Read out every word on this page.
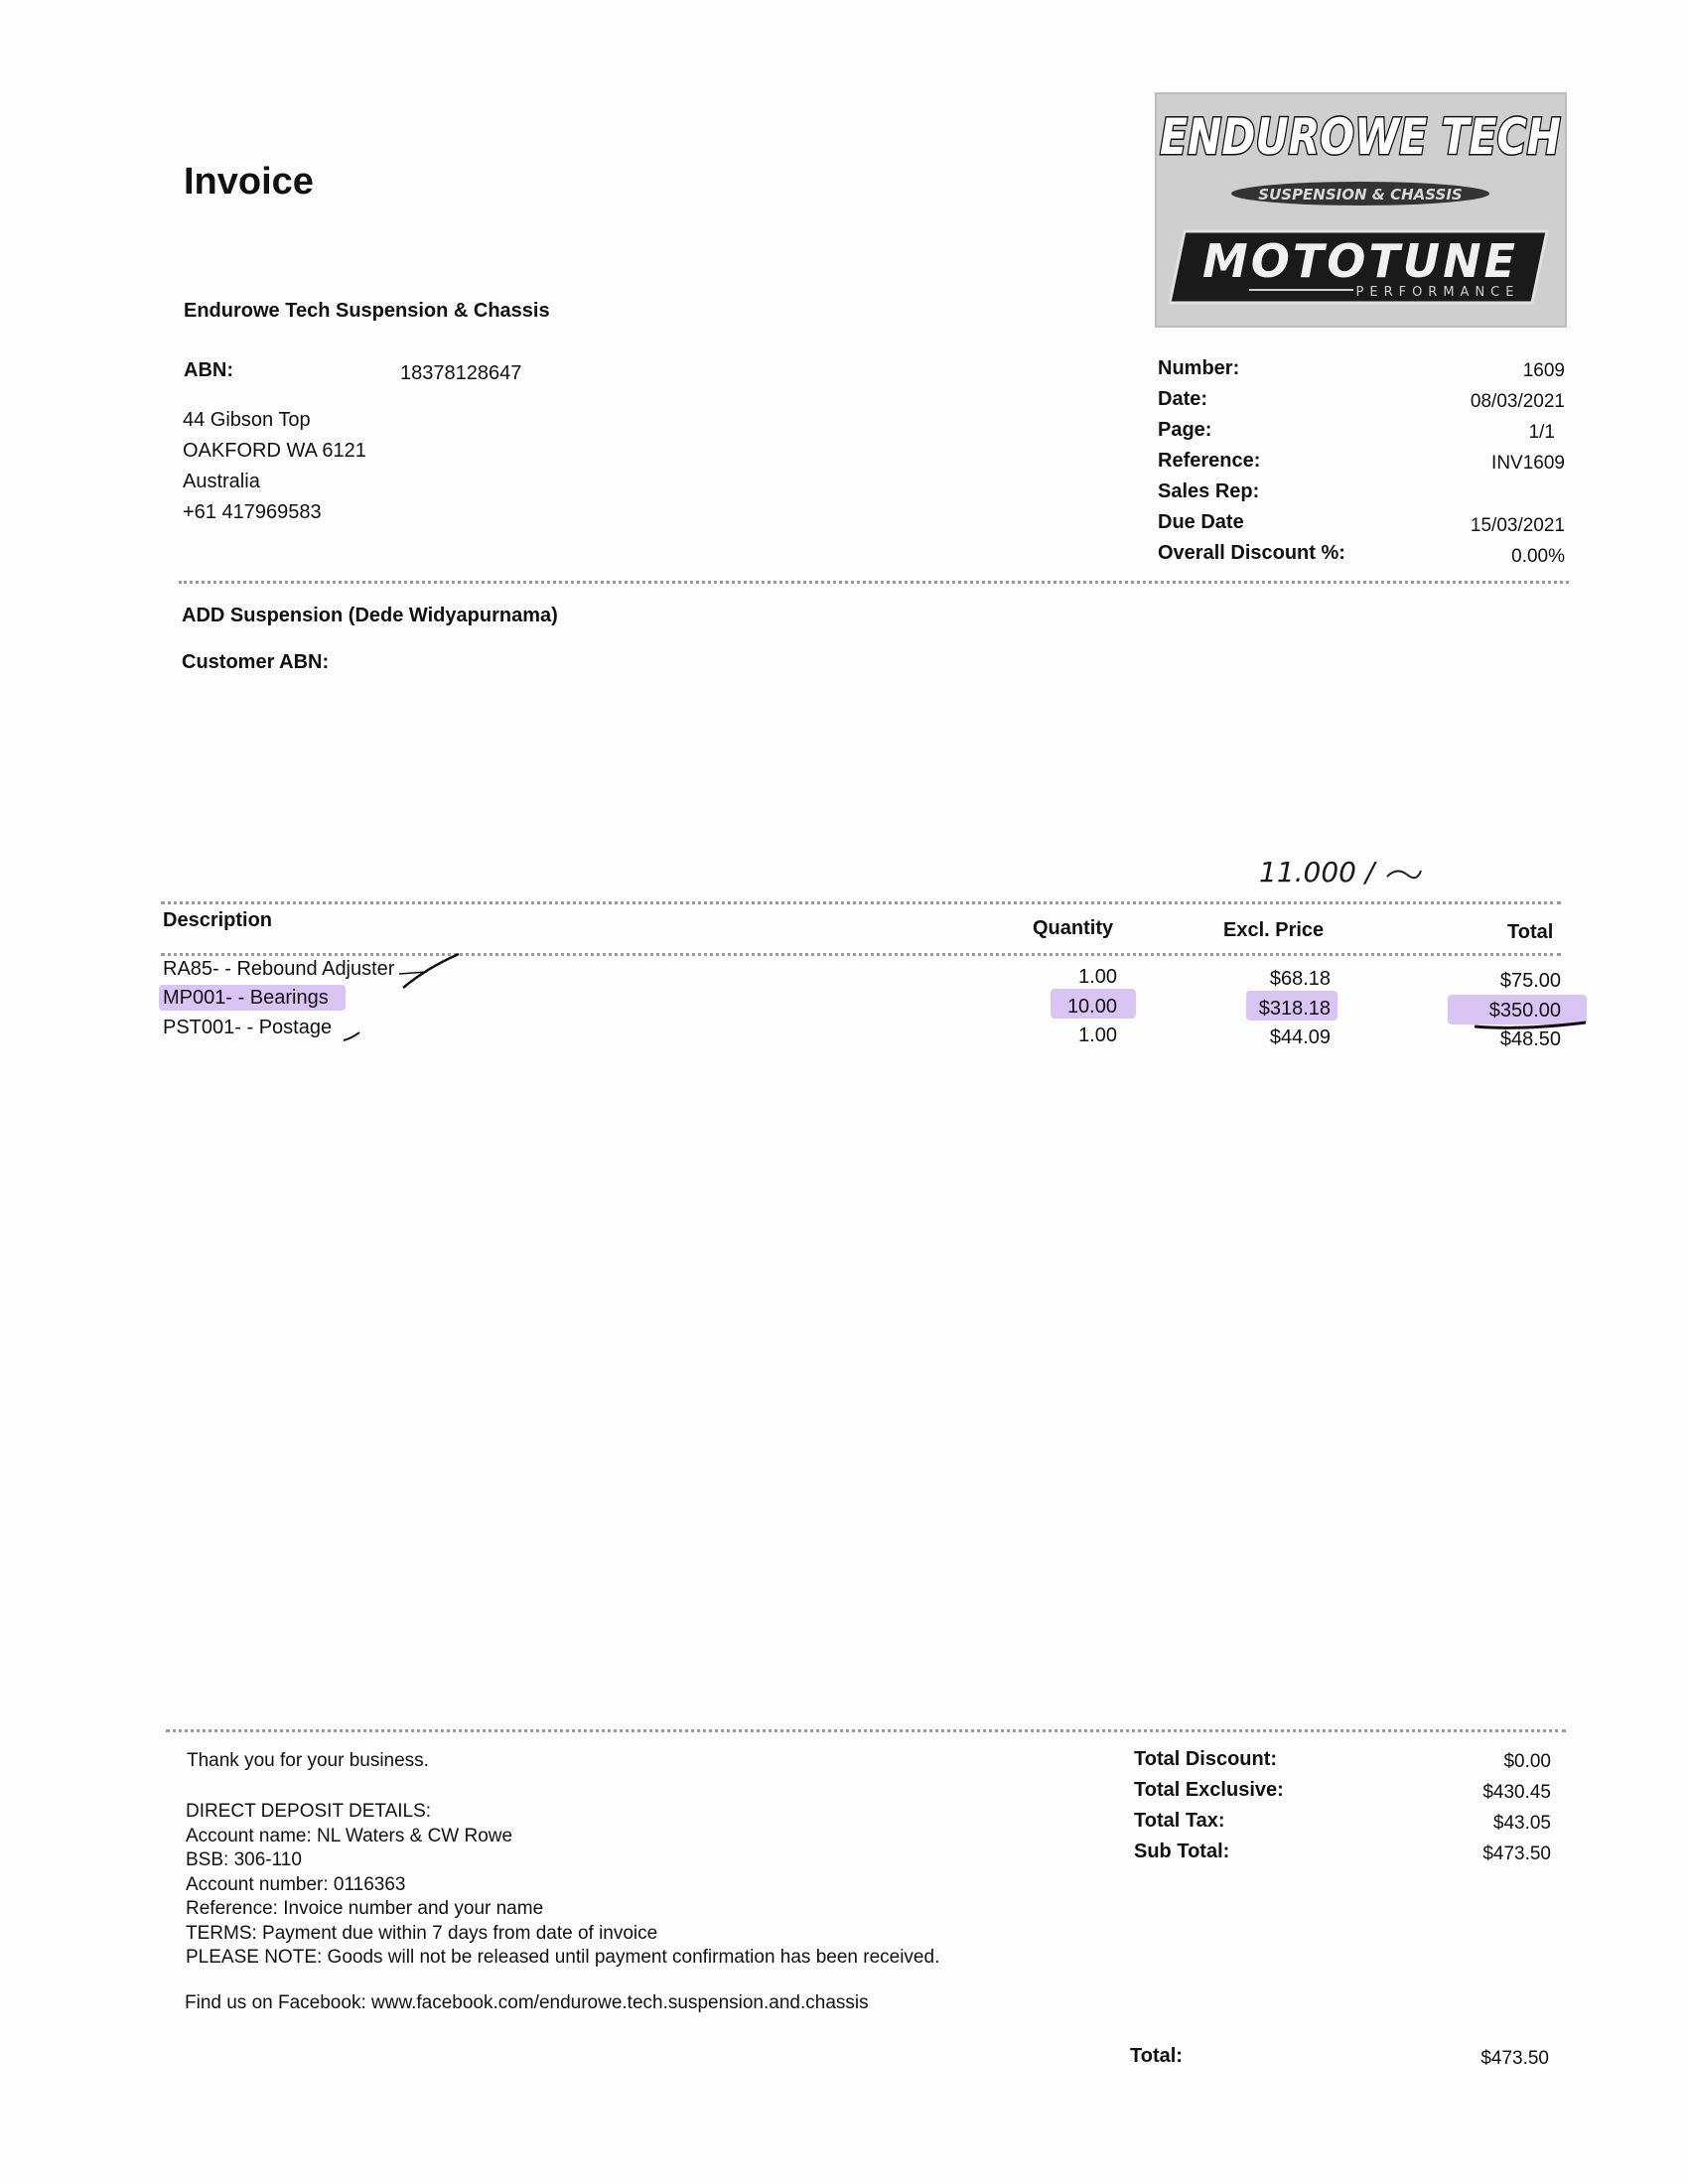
Invoice
ENDUROWE TECH
SUSPENSION & CHASSIS
MOTOTUNE
PERFORMANCE
Endurowe Tech Suspension & Chassis
ABN:	18378128647
44 Gibson Top
OAKFORD WA 6121
Australia
+61 417969583
Number:	1609
Date:	08/03/2021
Page:	1/1
Reference:	INV1609
Sales Rep:
Due Date	15/03/2021
Overall Discount %:	0.00%
ADD Suspension (Dede Widyapurnama)
Customer ABN:
11.000 /
Description	Quantity	Excl. Price	Total
RA85- - Rebound Adjuster	1.00	$68.18	$75.00
MP001- - Bearings	10.00	$318.18	$350.00
PST001- - Postage	1.00	$44.09	$48.50
Thank you for your business.
DIRECT DEPOSIT DETAILS:
Account name: NL Waters & CW Rowe
BSB: 306-110
Account number: 0116363
Reference: Invoice number and your name
TERMS: Payment due within 7 days from date of invoice
PLEASE NOTE: Goods will not be released until payment confirmation has been received.
Find us on Facebook: www.facebook.com/endurowe.tech.suspension.and.chassis
Total Discount:	$0.00
Total Exclusive:	$430.45
Total Tax:	$43.05
Sub Total:	$473.50
Total:	$473.50
